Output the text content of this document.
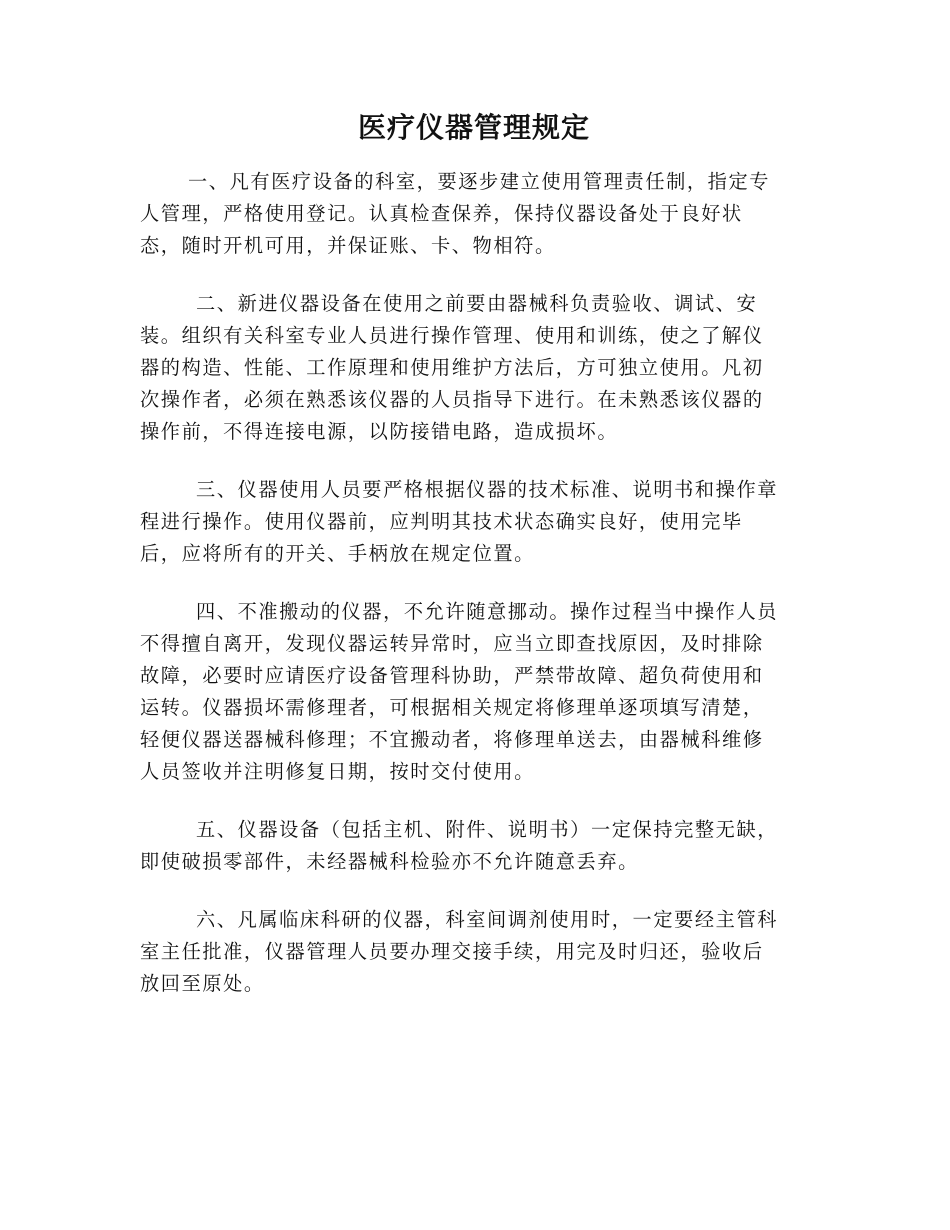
医疗仪器管理规定

一、凡有医疗设备的科室，要逐步建立使用管理责任制，指定专
人管理，严格使用登记。认真检查保养，保持仪器设备处于良好状
态，随时开机可用，并保证账、卡、物相符。

二、新进仪器设备在使用之前要由器械科负责验收、调试、安
装。组织有关科室专业人员进行操作管理、使用和训练，使之了解仪
器的构造、性能、工作原理和使用维护方法后，方可独立使用。凡初
次操作者，必须在熟悉该仪器的人员指导下进行。在未熟悉该仪器的
操作前，不得连接电源，以防接错电路，造成损坏。

三、仪器使用人员要严格根据仪器的技术标准、说明书和操作章
程进行操作。使用仪器前，应判明其技术状态确实良好，使用完毕
后，应将所有的开关、手柄放在规定位置。

四、不准搬动的仪器，不允许随意挪动。操作过程当中操作人员
不得擅自离开，发现仪器运转异常时，应当立即查找原因，及时排除
故障，必要时应请医疗设备管理科协助，严禁带故障、超负荷使用和
运转。仪器损坏需修理者，可根据相关规定将修理单逐项填写清楚，
轻便仪器送器械科修理；不宜搬动者，将修理单送去，由器械科维修
人员签收并注明修复日期，按时交付使用。

五、仪器设备（包括主机、附件、说明书）一定保持完整无缺，
即使破损零部件，未经器械科检验亦不允许随意丢弃。

六、凡属临床科研的仪器，科室间调剂使用时，一定要经主管科
室主任批准，仪器管理人员要办理交接手续，用完及时归还，验收后
放回至原处。
